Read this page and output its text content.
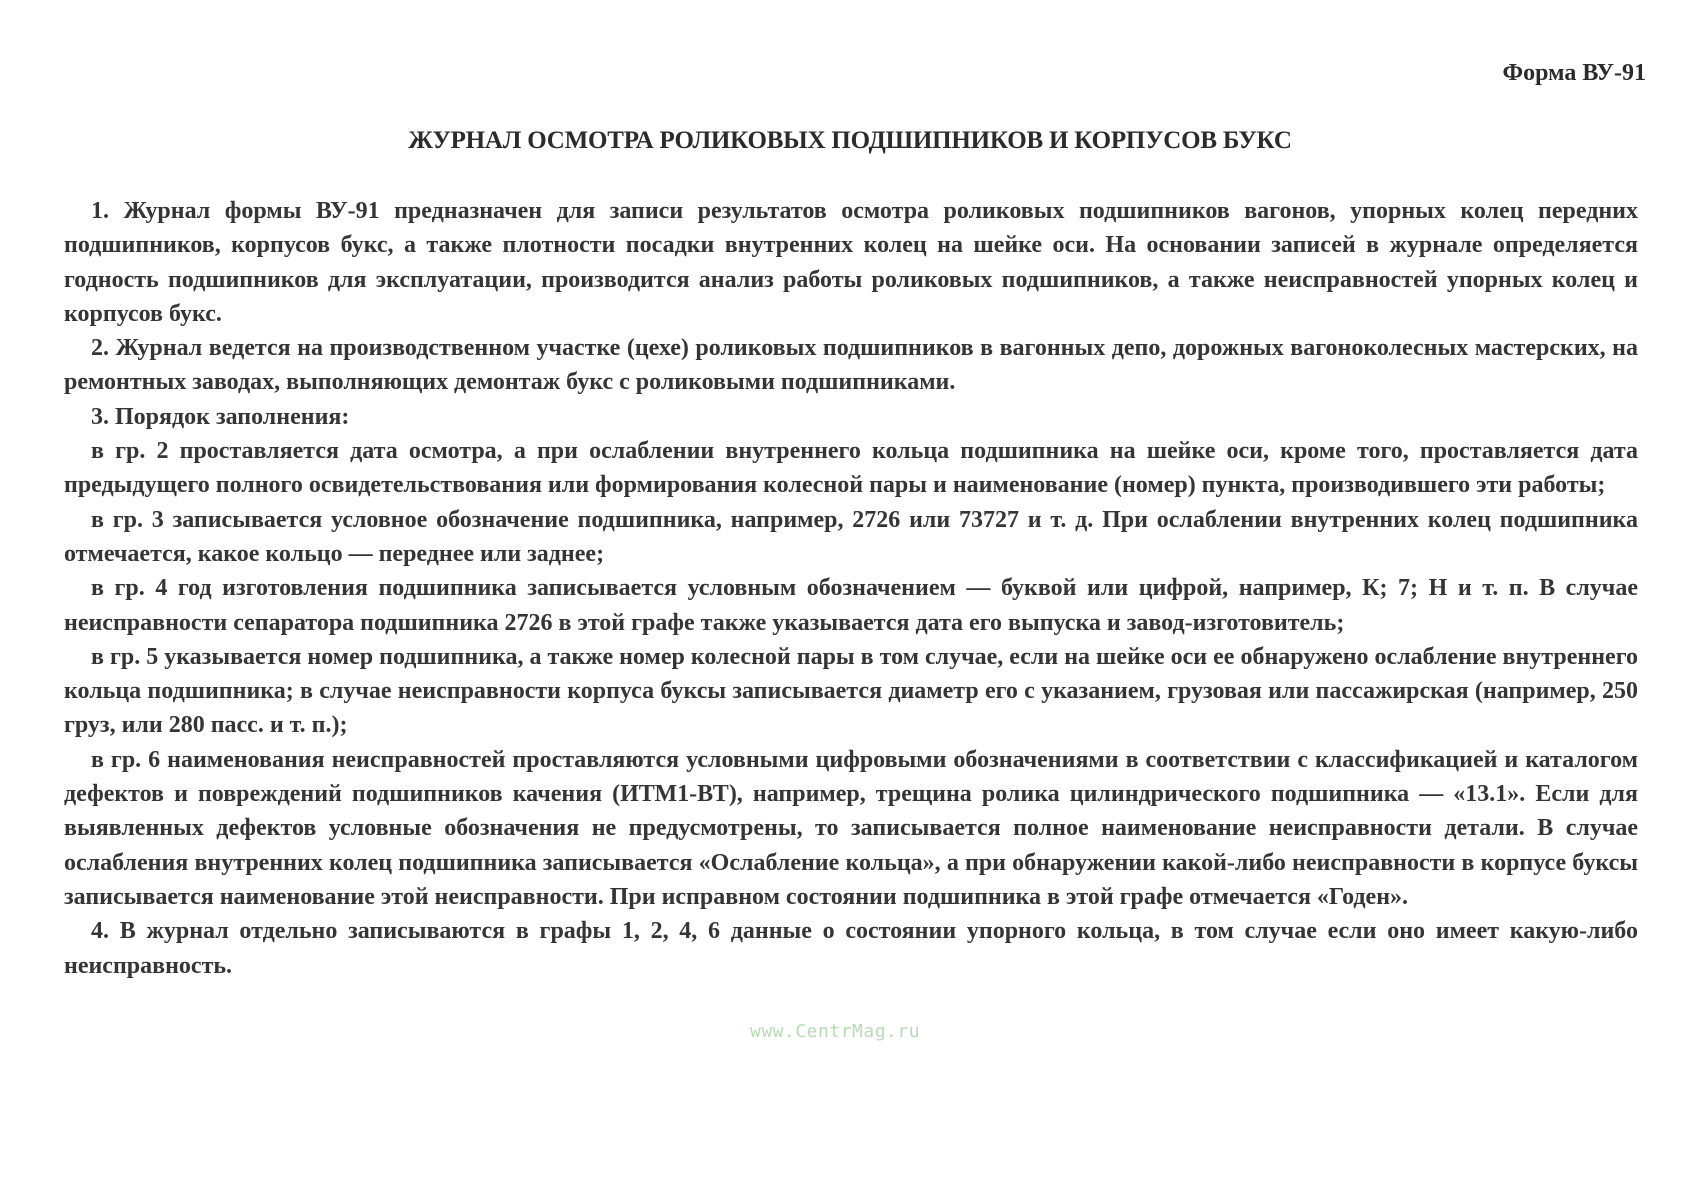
Форма ВУ-91
ЖУРНАЛ ОСМОТРА РОЛИКОВЫХ ПОДШИПНИКОВ И КОРПУСОВ БУКС

1. Журнал формы ВУ-91 предназначен для записи результатов осмотра роликовых подшипников вагонов, упорных колец передних подшипников, корпусов букс, а также плотности посадки внутренних колец на шейке оси. На основании записей в журнале определяется годность подшипников для эксплуатации, производится анализ работы роликовых подшипников, а также неисправностей упорных колец и корпусов букс.

2. Журнал ведется на производственном участке (цехе) роликовых подшипников в вагонных депо, дорожных вагоноколесных мастерских, на ремонтных заводах, выполняющих демонтаж букс с роликовыми подшипниками.

3. Порядок заполнения:

в гр. 2 проставляется дата осмотра, а при ослаблении внутреннего кольца подшипника на шейке оси, кроме того, проставляется дата предыдущего полного освидетельствования или формирования колесной пары и наименование (номер) пункта, производившего эти работы;

в гр. 3 записывается условное обозначение подшипника, например, 2726 или 73727 и т. д. При ослаблении внутренних колец подшипника отмечается, какое кольцо — переднее или заднее;

в гр. 4 год изготовления подшипника записывается условным обозначением — буквой или цифрой, например, К; 7; Н и т. п. В случае неисправности сепаратора подшипника 2726 в этой графе также указывается дата его выпуска и завод-изготовитель;

в гр. 5 указывается номер подшипника, а также номер колесной пары в том случае, если на шейке оси ее обнаружено ослабление внутреннего кольца подшипника; в случае неисправности корпуса буксы записывается диаметр его с указанием, грузовая или пассажирская (например, 250 груз, или 280 пасс. и т. п.);

в гр. 6 наименования неисправностей проставляются условными цифровыми обозначениями в соответствии с классификацией и каталогом дефектов и повреждений подшипников качения (ИТМ1-ВТ), например, трещина ролика цилиндрического подшипника — «13.1». Если для выявленных дефектов условные обозначения не предусмотрены, то записывается полное наименование неисправности детали. В случае ослабления внутренних колец подшипника записывается «Ослабление кольца», а при обнаружении какой-либо неисправности в корпусе буксы записывается наименование этой неисправности. При исправном состоянии подшипника в этой графе отмечается «Годен».

4. В журнал отдельно записываются в графы 1, 2, 4, 6 данные о состоянии упорного кольца, в том случае если оно имеет какую-либо неисправность.

www.CentrMag.ru
